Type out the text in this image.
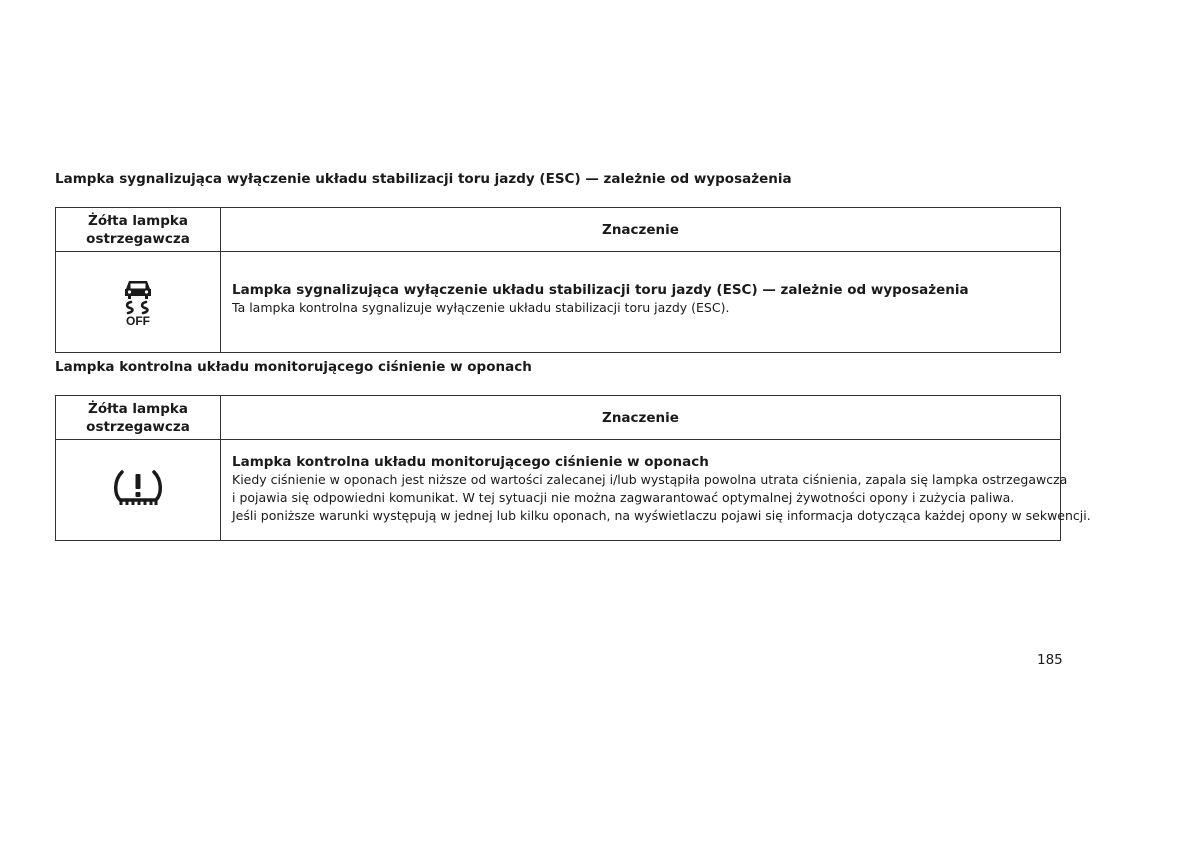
Lampka sygnalizująca wyłączenie układu stabilizacji toru jazdy (ESC) — zależnie od wyposażenia
Żółta lampka ostrzegawcza	Znaczenie

OFF	Lampka sygnalizująca wyłączenie układu stabilizacji toru jazdy (ESC) — zależnie od wyposażenia
Ta lampka kontrolna sygnalizuje wyłączenie układu stabilizacji toru jazdy (ESC).
Lampka kontrolna układu monitorującego ciśnienie w oponach
Żółta lampka ostrzegawcza	Znaczenie

Lampka kontrolna układu monitorującego ciśnienie w oponach
Kiedy ciśnienie w oponach jest niższe od wartości zalecanej i/lub wystąpiła powolna utrata ciśnienia, zapala się lampka ostrzegawcza
i pojawia się odpowiedni komunikat. W tej sytuacji nie można zagwarantować optymalnej żywotności opony i zużycia paliwa.
Jeśli poniższe warunki występują w jednej lub kilku oponach, na wyświetlaczu pojawi się informacja dotycząca każdej opony w sekwencji.
185
